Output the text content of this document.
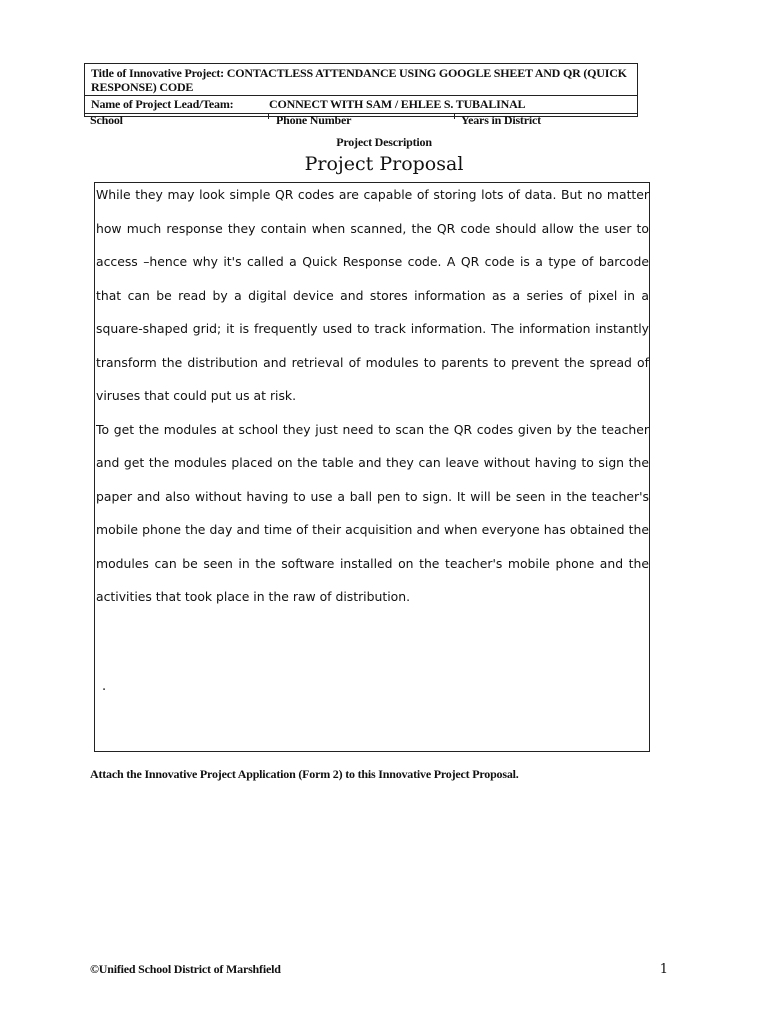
Title of Innovative Project: CONTACTLESS ATTENDANCE USING GOOGLE SHEET AND QR (QUICK RESPONSE) CODE
Name of Project Lead/Team:	CONNECT WITH SAM / EHLEE S. TUBALINAL
School	Phone Number	Years in District
Project Description
Project Proposal

While they may look simple QR codes are capable of storing lots of data. But no matter how much response they contain when scanned, the QR code should allow the user to access –hence why it's called a Quick Response code. A QR code is a type of barcode that can be read by a digital device and stores information as a series of pixel in a square-shaped grid; it is frequently used to track information. The information instantly transform the distribution and retrieval of modules to parents to prevent the spread of viruses that could put us at risk.

To get the modules at school they just need to scan the QR codes given by the teacher and get the modules placed on the table and they can leave without having to sign the paper and also without having to use a ball pen to sign. It will be seen in the teacher's mobile phone the day and time of their acquisition and when everyone has obtained the modules can be seen in the software installed on the teacher's mobile phone and the activities that took place in the raw of distribution.

.
Attach the Innovative Project Application (Form 2) to this Innovative Project Proposal.
©Unified School District of Marshfield	1
